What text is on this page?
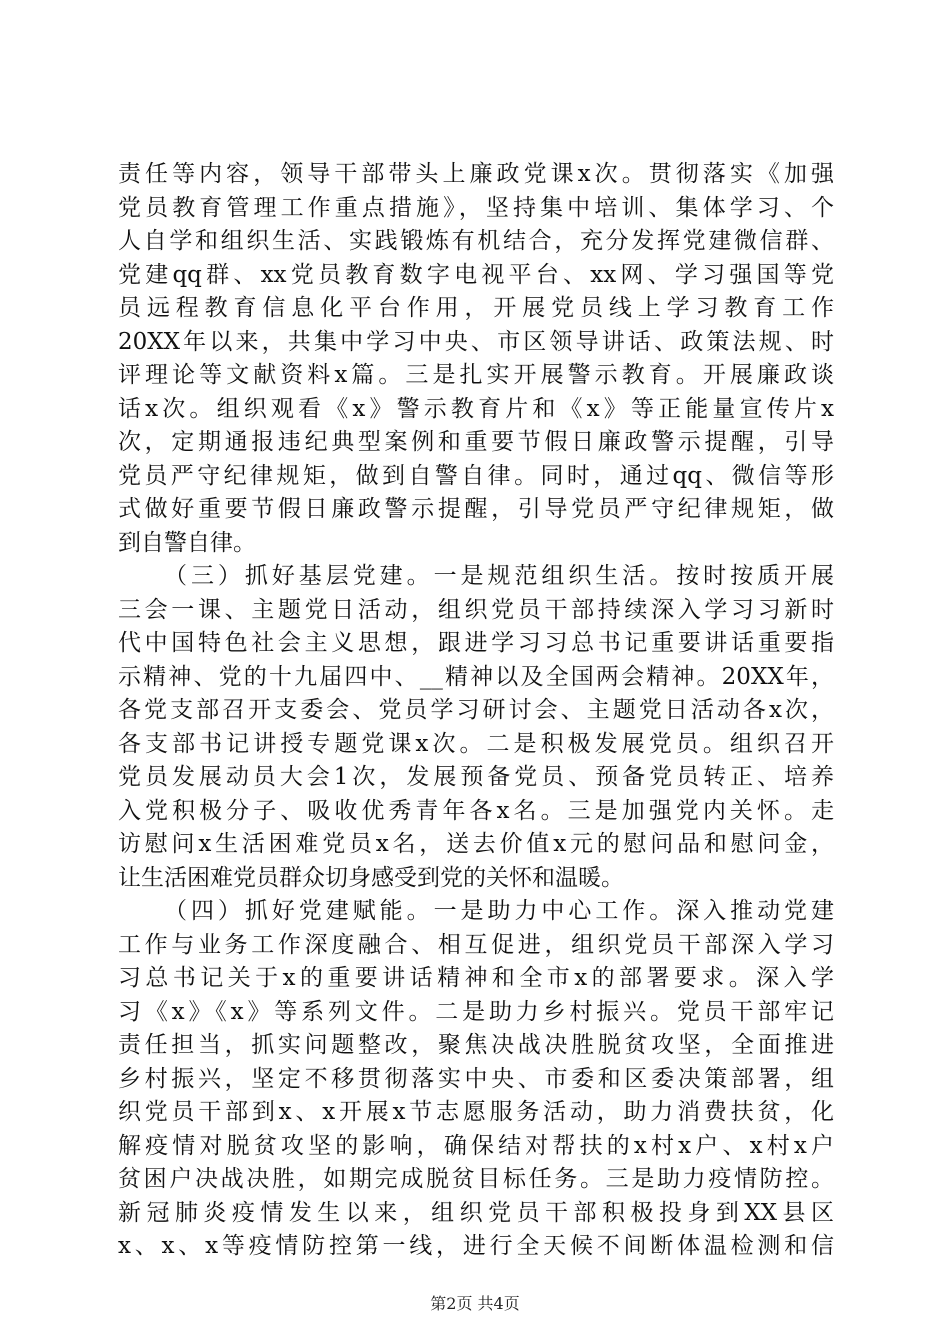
责任等内容，领导干部带头上廉政党课x次。贯彻落实《加强
党员教育管理工作重点措施》，坚持集中培训、集体学习、个
人自学和组织生活、实践锻炼有机结合，充分发挥党建微信群、
党建qq群、xx党员教育数字电视平台、xx网、学习强国等党
员远程教育信息化平台作用，开展党员线上学习教育工作
20XX年以来，共集中学习中央、市区领导讲话、政策法规、时
评理论等文献资料x篇。三是扎实开展警示教育。开展廉政谈
话x次。组织观看《x》警示教育片和《x》等正能量宣传片x
次，定期通报违纪典型案例和重要节假日廉政警示提醒，引导
党员严守纪律规矩，做到自警自律。同时，通过qq、微信等形
式做好重要节假日廉政警示提醒，引导党员严守纪律规矩，做
到自警自律。
（三）抓好基层党建。一是规范组织生活。按时按质开展
三会一课、主题党日活动，组织党员干部持续深入学习习新时
代中国特色社会主义思想，跟进学习习总书记重要讲话重要指
示精神、党的十九届四中、__精神以及全国两会精神。20XX年，
各党支部召开支委会、党员学习研讨会、主题党日活动各x次，
各支部书记讲授专题党课x次。二是积极发展党员。组织召开
党员发展动员大会1次，发展预备党员、预备党员转正、培养
入党积极分子、吸收优秀青年各x名。三是加强党内关怀。走
访慰问x生活困难党员x名，送去价值x元的慰问品和慰问金，
让生活困难党员群众切身感受到党的关怀和温暖。
（四）抓好党建赋能。一是助力中心工作。深入推动党建
工作与业务工作深度融合、相互促进，组织党员干部深入学习
习总书记关于x的重要讲话精神和全市x的部署要求。深入学
习《x》《x》等系列文件。二是助力乡村振兴。党员干部牢记
责任担当，抓实问题整改，聚焦决战决胜脱贫攻坚，全面推进
乡村振兴，坚定不移贯彻落实中央、市委和区委决策部署，组
织党员干部到x、x开展x节志愿服务活动，助力消费扶贫，化
解疫情对脱贫攻坚的影响，确保结对帮扶的x村x户、x村x户
贫困户决战决胜，如期完成脱贫目标任务。三是助力疫情防控。
新冠肺炎疫情发生以来，组织党员干部积极投身到XX县区
x、x、x等疫情防控第一线，进行全天候不间断体温检测和信
第2页 共4页
